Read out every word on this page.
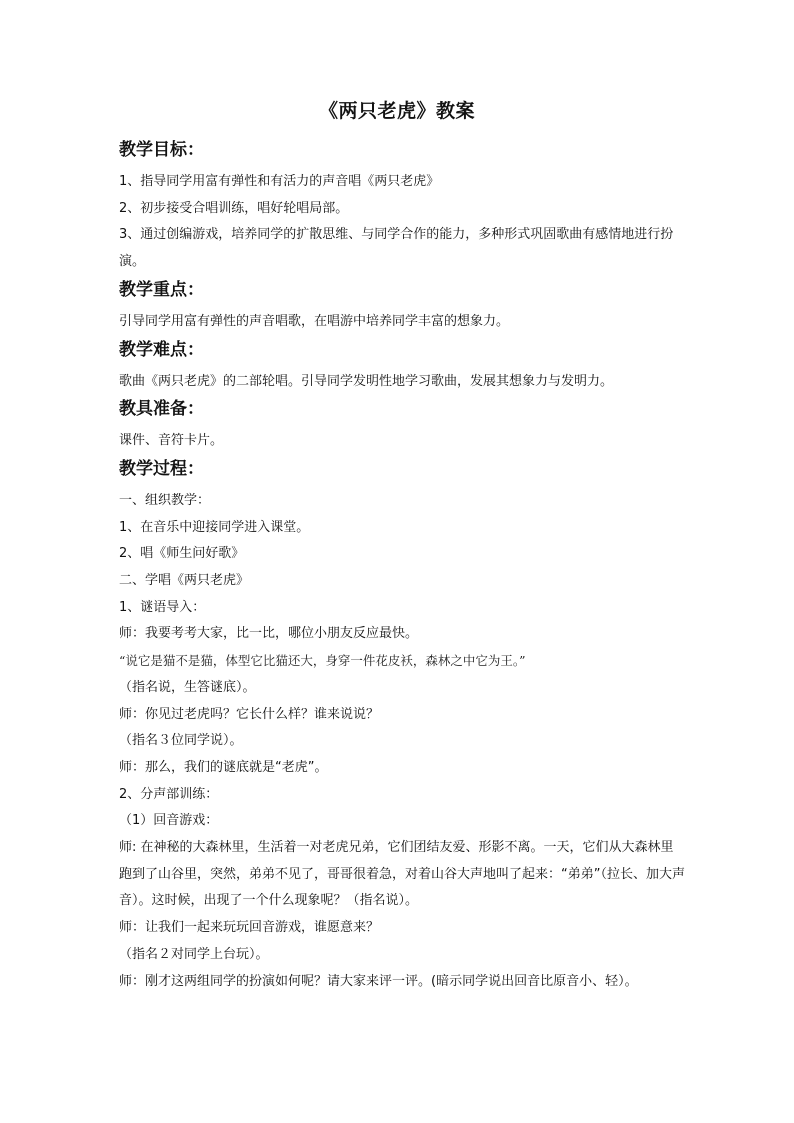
《两只老虎》教案
教学目标：
1、指导同学用富有弹性和有活力的声音唱《两只老虎》
2、初步接受合唱训练，唱好轮唱局部。
3、通过创编游戏，培养同学的扩散思维、与同学合作的能力，多种形式巩固歌曲有感情地进行扮演。
教学重点：
引导同学用富有弹性的声音唱歌，在唱游中培养同学丰富的想象力。
教学难点：
歌曲《两只老虎》的二部轮唱。引导同学发明性地学习歌曲，发展其想象力与发明力。
教具准备：
课件、音符卡片。
教学过程：
一、组织教学：
1、在音乐中迎接同学进入课堂。
2、唱《师生问好歌》
二、学唱《两只老虎》
1、谜语导入：
师：我要考考大家，比一比，哪位小朋友反应最快。
“说它是猫不是猫，体型它比猫还大，身穿一件花皮袄，森林之中它为王。”
（指名说，生答谜底）。
师：你见过老虎吗？它长什么样？谁来说说？
（指名３位同学说）。
师：那么，我们的谜底就是“老虎”。
2、分声部训练：
（1）回音游戏：
师: 在神秘的大森林里，生活着一对老虎兄弟，它们团结友爱、形影不离。一天，它们从大森林里跑到了山谷里，突然，弟弟不见了，哥哥很着急，对着山谷大声地叫了起来：“弟弟”（拉长、加大声音）。这时候，出现了一个什么现象呢？（指名说）。
师：让我们一起来玩玩回音游戏，谁愿意来？
（指名２对同学上台玩）。
师：刚才这两组同学的扮演如何呢？请大家来评一评。(暗示同学说出回音比原音小、轻）。
